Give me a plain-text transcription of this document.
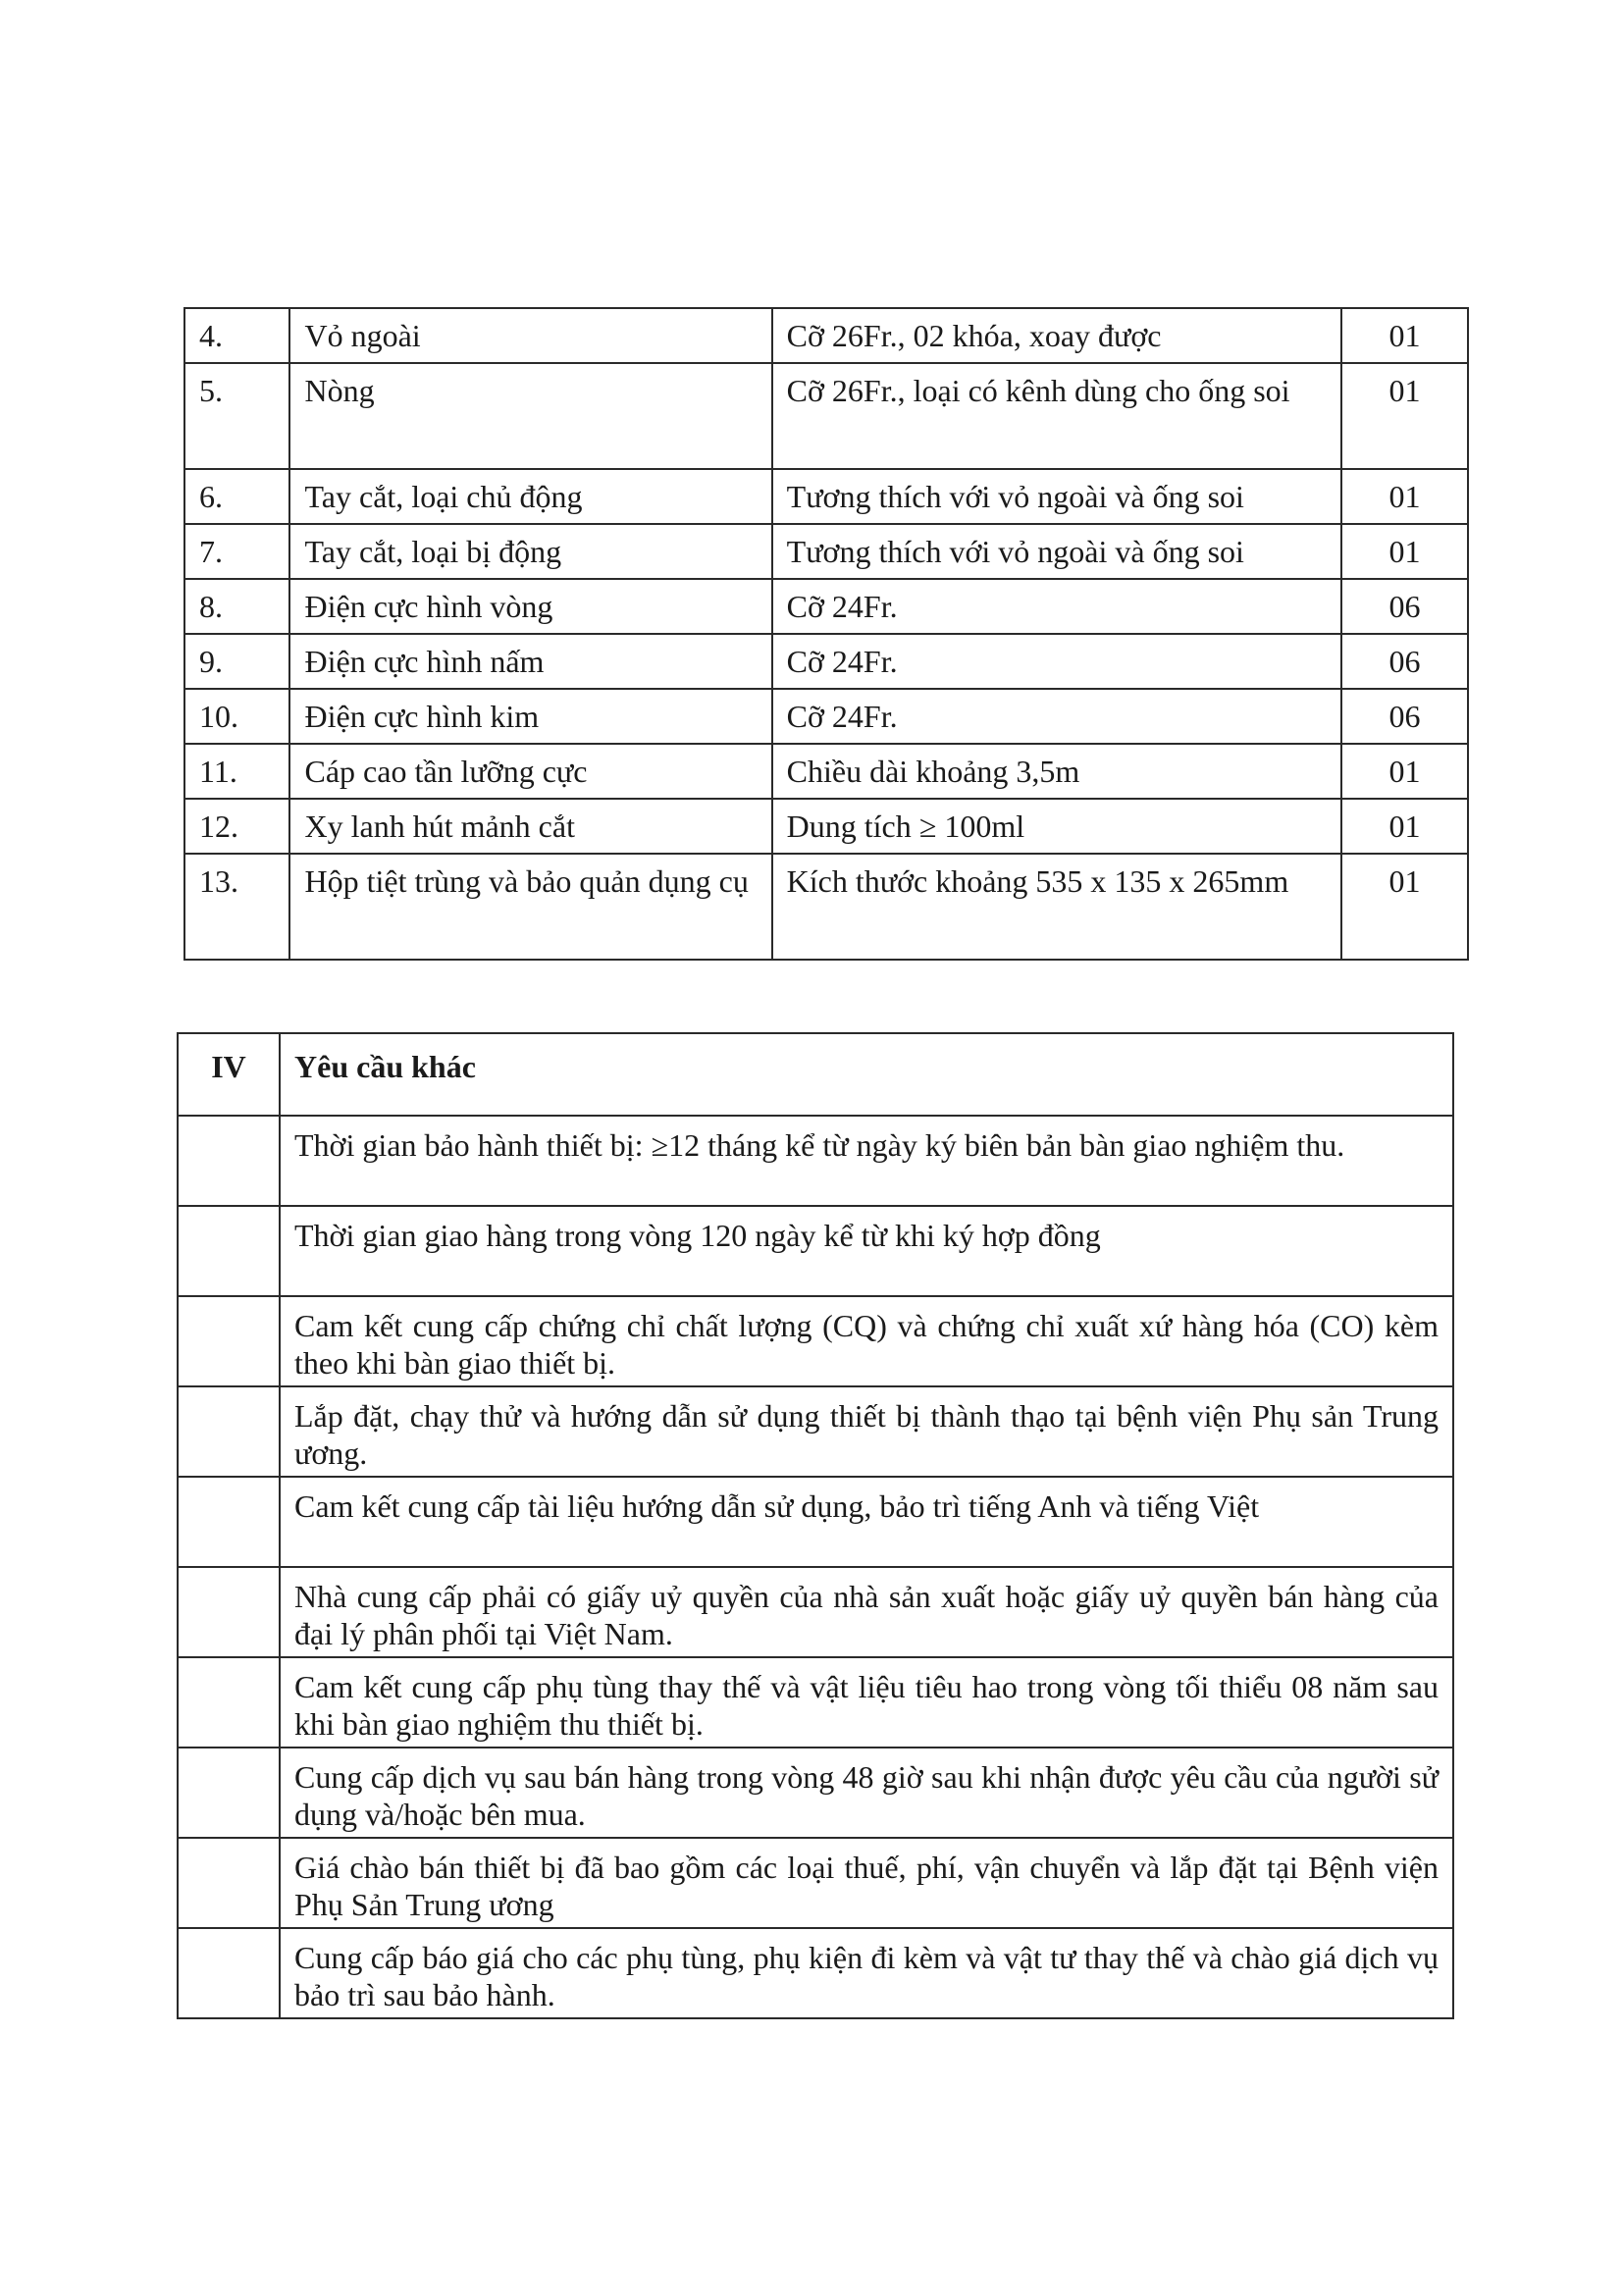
4.	Vỏ ngoài	Cỡ 26Fr., 02 khóa, xoay được	01
5.	Nòng	Cỡ 26Fr., loại có kênh dùng cho ống soi	01
6.	Tay cắt, loại chủ động	Tương thích với vỏ ngoài và ống soi	01
7.	Tay cắt, loại bị động	Tương thích với vỏ ngoài và ống soi	01
8.	Điện cực hình vòng	Cỡ 24Fr.	06
9.	Điện cực hình nấm	Cỡ 24Fr.	06
10.	Điện cực hình kim	Cỡ 24Fr.	06
11.	Cáp cao tần lưỡng cực	Chiều dài khoảng 3,5m	01
12.	Xy lanh hút mảnh cắt	Dung tích ≥ 100ml	01
13.	Hộp tiệt trùng và bảo quản dụng cụ	Kích thước khoảng 535 x 135 x 265mm	01
IV	Yêu cầu khác
	Thời gian bảo hành thiết bị: ≥12 tháng kể từ ngày ký biên bản bàn giao nghiệm thu.
	Thời gian giao hàng trong vòng 120 ngày kể từ khi ký hợp đồng
	Cam kết cung cấp chứng chỉ chất lượng (CQ) và chứng chỉ xuất xứ hàng hóa (CO) kèm theo khi bàn giao thiết bị.
	Lắp đặt, chạy thử và hướng dẫn sử dụng thiết bị thành thạo tại bệnh viện Phụ sản Trung ương.
	Cam kết cung cấp tài liệu hướng dẫn sử dụng, bảo trì tiếng Anh và tiếng Việt
	Nhà cung cấp phải có giấy uỷ quyền của nhà sản xuất hoặc giấy uỷ quyền bán hàng của đại lý phân phối tại Việt Nam.
	Cam kết cung cấp phụ tùng thay thế và vật liệu tiêu hao trong vòng tối thiểu 08 năm sau khi bàn giao nghiệm thu thiết bị.
	Cung cấp dịch vụ sau bán hàng trong vòng 48 giờ sau khi nhận được yêu cầu của người sử dụng và/hoặc bên mua.
	Giá chào bán thiết bị đã bao gồm các loại thuế, phí, vận chuyển và lắp đặt tại Bệnh viện Phụ Sản Trung ương
	Cung cấp báo giá cho các phụ tùng, phụ kiện đi kèm và vật tư thay thế và chào giá dịch vụ bảo trì sau bảo hành.
